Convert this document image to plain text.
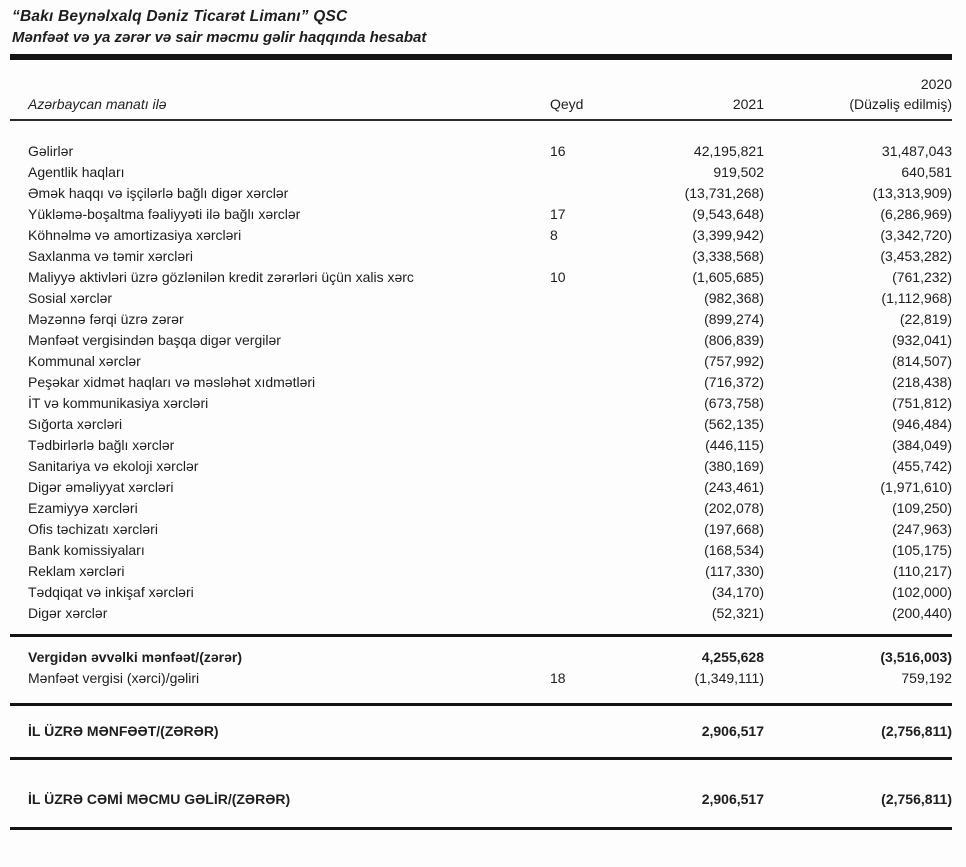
“Bakı Beynəlxalq Dəniz Ticarət Limanı” QSC
Mənfəət və ya zərər və sair məcmu gəlir haqqında hesabat
2020
Azərbaycan manatı ilə	Qeyd	2021	(Düzəliş edilmiş)
Gəlirlər	16	42,195,821	31,487,043
Agentlik haqları	919,502	640,581
Əmək haqqı və işçilərlə bağlı digər xərclər	(13,731,268)	(13,313,909)
Yükləmə-boşaltma fəaliyyəti ilə bağlı xərclər	17	(9,543,648)	(6,286,969)
Köhnəlmə və amortizasiya xərcləri	8	(3,399,942)	(3,342,720)
Saxlanma və təmir xərcləri	(3,338,568)	(3,453,282)
Maliyyə aktivləri üzrə gözlənilən kredit zərərləri üçün xalis xərc	10	(1,605,685)	(761,232)
Sosial xərclər	(982,368)	(1,112,968)
Məzənnə fərqi üzrə zərər	(899,274)	(22,819)
Mənfəət vergisindən başqa digər vergilər	(806,839)	(932,041)
Kommunal xərclər	(757,992)	(814,507)
Peşəkar xidmət haqları və məsləhət xıdmətləri	(716,372)	(218,438)
İT və kommunikasiya xərcləri	(673,758)	(751,812)
Sığorta xərcləri	(562,135)	(946,484)
Tədbirlərlə bağlı xərclər	(446,115)	(384,049)
Sanitariya və ekoloji xərclər	(380,169)	(455,742)
Digər əməliyyat xərcləri	(243,461)	(1,971,610)
Ezamiyyə xərcləri	(202,078)	(109,250)
Ofis təchizatı xərcləri	(197,668)	(247,963)
Bank komissiyaları	(168,534)	(105,175)
Reklam xərcləri	(117,330)	(110,217)
Tədqiqat və inkişaf xərcləri	(34,170)	(102,000)
Digər xərclər	(52,321)	(200,440)
Vergidən əvvəlki mənfəət/(zərər)	4,255,628	(3,516,003)
Mənfəət vergisi (xərci)/gəliri	18	(1,349,111)	759,192
İL ÜZRƏ MƏNFƏƏT/(ZƏRƏR)	2,906,517	(2,756,811)
İL ÜZRƏ CƏMİ MƏCMU GƏLİR/(ZƏRƏR)	2,906,517	(2,756,811)
